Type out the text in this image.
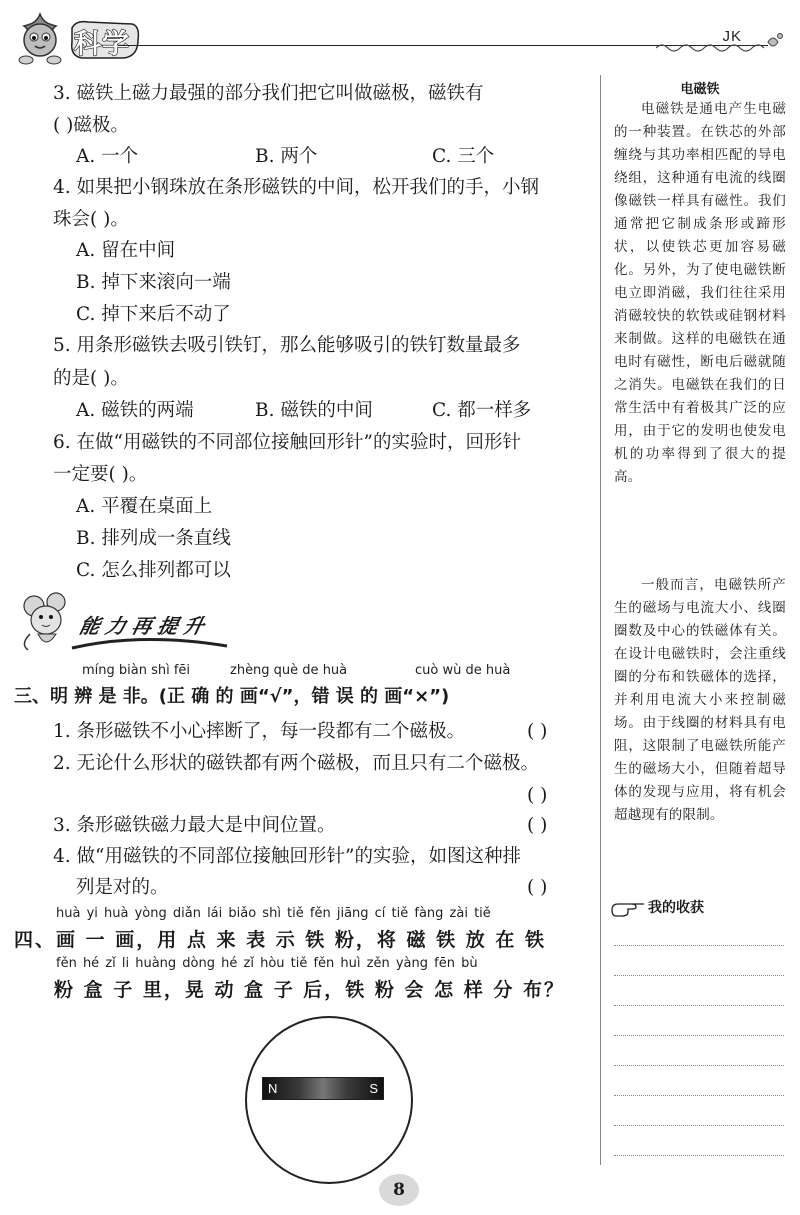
科学	JK
3. 磁铁上磁力最强的部分我们把它叫做磁极，磁铁有
( )磁极。
A. 一个	B. 两个	C. 三个
4. 如果把小钢珠放在条形磁铁的中间，松开我们的手，小钢
珠会( )。
A. 留在中间
B. 掉下来滚向一端
C. 掉下来后不动了
5. 用条形磁铁去吸引铁钉，那么能够吸引的铁钉数量最多
的是( )。
A. 磁铁的两端	B. 磁铁的中间	C. 都一样多
6. 在做“用磁铁的不同部位接触回形针”的实验时，回形针
一定要( )。
A. 平覆在桌面上
B. 排列成一条直线
C. 怎么排列都可以
能力再提升
míng biàn shì fēi	zhèng què de huà	cuò wù de huà
三、明 辨 是 非。(正 确 的 画“√”，错 误 的 画“×”)
1. 条形磁铁不小心摔断了，每一段都有二个磁极。	( )
2. 无论什么形状的磁铁都有两个磁极，而且只有二个磁极。
( )
3. 条形磁铁磁力最大是中间位置。	( )
4. 做“用磁铁的不同部位接触回形针”的实验，如图这种排
列是对的。	( )
huà yi huà yòng diǎn lái biǎo shì tiě fěn jiāng cí tiě fàng zài tiě
四、画 一 画，用 点 来 表 示 铁 粉，将 磁 铁 放 在 铁
fěn hé zǐ li huàng dòng hé zǐ hòu tiě fěn huì zěn yàng fēn bù
粉 盒 子 里，晃 动 盒 子 后，铁 粉 会 怎 样 分 布？
N	S
电磁铁

电磁铁是通电产生电磁的一种装置。在铁芯的外部缠绕与其功率相匹配的导电绕组，这种通有电流的线圈像磁铁一样具有磁性。我们通常把它制成条形或蹄形状，以使铁芯更加容易磁化。另外，为了使电磁铁断电立即消磁，我们往往采用消磁较快的软铁或硅钢材料来制做。这样的电磁铁在通电时有磁性，断电后磁就随之消失。电磁铁在我们的日常生活中有着极其广泛的应用，由于它的发明也使发电机的功率得到了很大的提高。

一般而言，电磁铁所产生的磁场与电流大小、线圈圈数及中心的铁磁体有关。在设计电磁铁时，会注重线圈的分布和铁磁体的选择，并利用电流大小来控制磁场。由于线圈的材料具有电阻，这限制了电磁铁所能产生的磁场大小，但随着超导体的发现与应用，将有机会超越现有的限制。

我的收获
8
